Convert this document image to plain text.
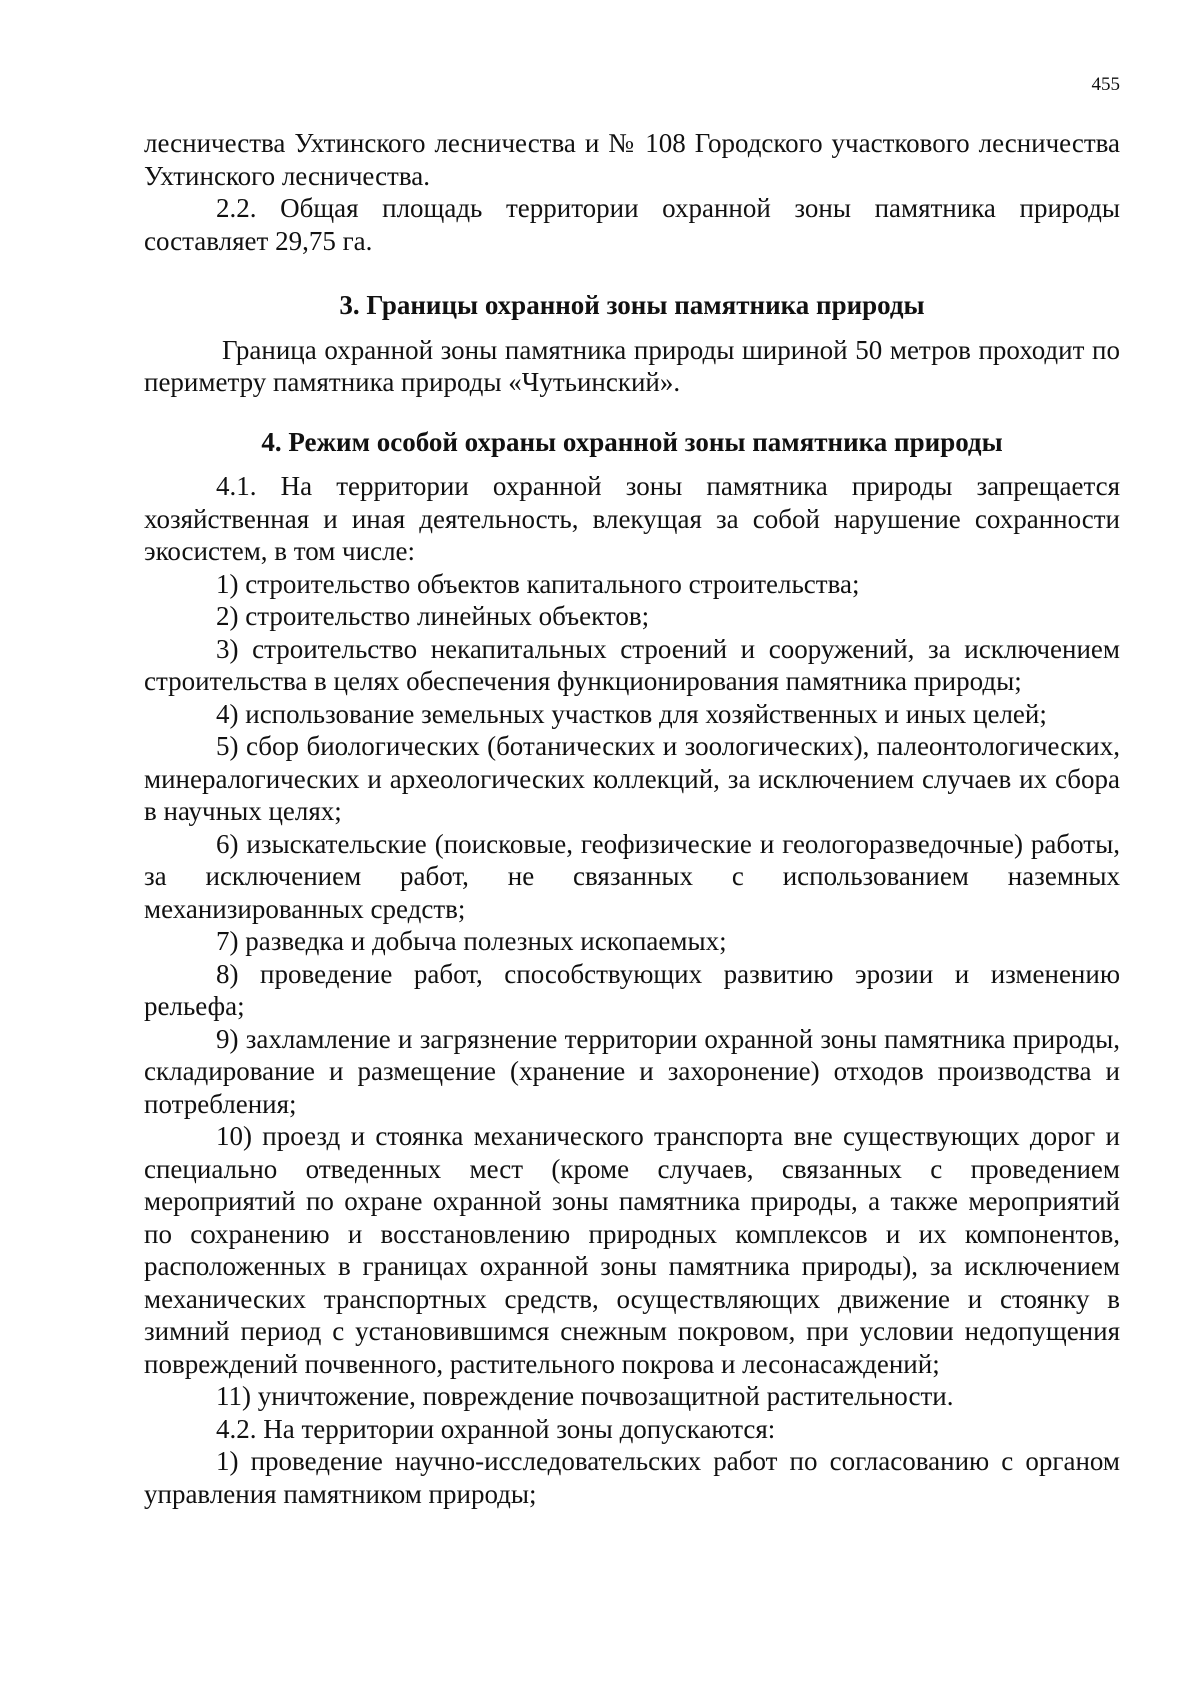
455

лесничества Ухтинского лесничества и № 108 Городского участкового лесничества Ухтинского лесничества.

2.2. Общая площадь территории охранной зоны памятника природы составляет 29,75 га.

3. Границы охранной зоны памятника природы

Граница охранной зоны памятника природы шириной 50 метров проходит по периметру памятника природы «Чутьинский».

4. Режим особой охраны охранной зоны памятника природы

4.1. На территории охранной зоны памятника природы запрещается хозяйственная и иная деятельность, влекущая за собой нарушение сохранности экосистем, в том числе:

1) строительство объектов капитального строительства;

2) строительство линейных объектов;

3) строительство некапитальных строений и сооружений, за исключением строительства в целях обеспечения функционирования памятника природы;

4) использование земельных участков для хозяйственных и иных целей;

5) сбор биологических (ботанических и зоологических), палеонтологических, минералогических и археологических коллекций, за исключением случаев их сбора в научных целях;

6) изыскательские (поисковые, геофизические и геологоразведочные) работы, за исключением работ, не связанных с использованием наземных механизированных средств;

7) разведка и добыча полезных ископаемых;

8) проведение работ, способствующих развитию эрозии и изменению рельефа;

9) захламление и загрязнение территории охранной зоны памятника природы, складирование и размещение (хранение и захоронение) отходов производства и потребления;

10) проезд и стоянка механического транспорта вне существующих дорог и специально отведенных мест (кроме случаев, связанных с проведением мероприятий по охране охранной зоны памятника природы, а также мероприятий по сохранению и восстановлению природных комплексов и их компонентов, расположенных в границах охранной зоны памятника природы), за исключением механических транспортных средств, осуществляющих движение и стоянку в зимний период с установившимся снежным покровом, при условии недопущения повреждений почвенного, растительного покрова и лесонасаждений;

11) уничтожение, повреждение почвозащитной растительности.

4.2. На территории охранной зоны допускаются:

1) проведение научно-исследовательских работ по согласованию с органом управления памятником природы;
